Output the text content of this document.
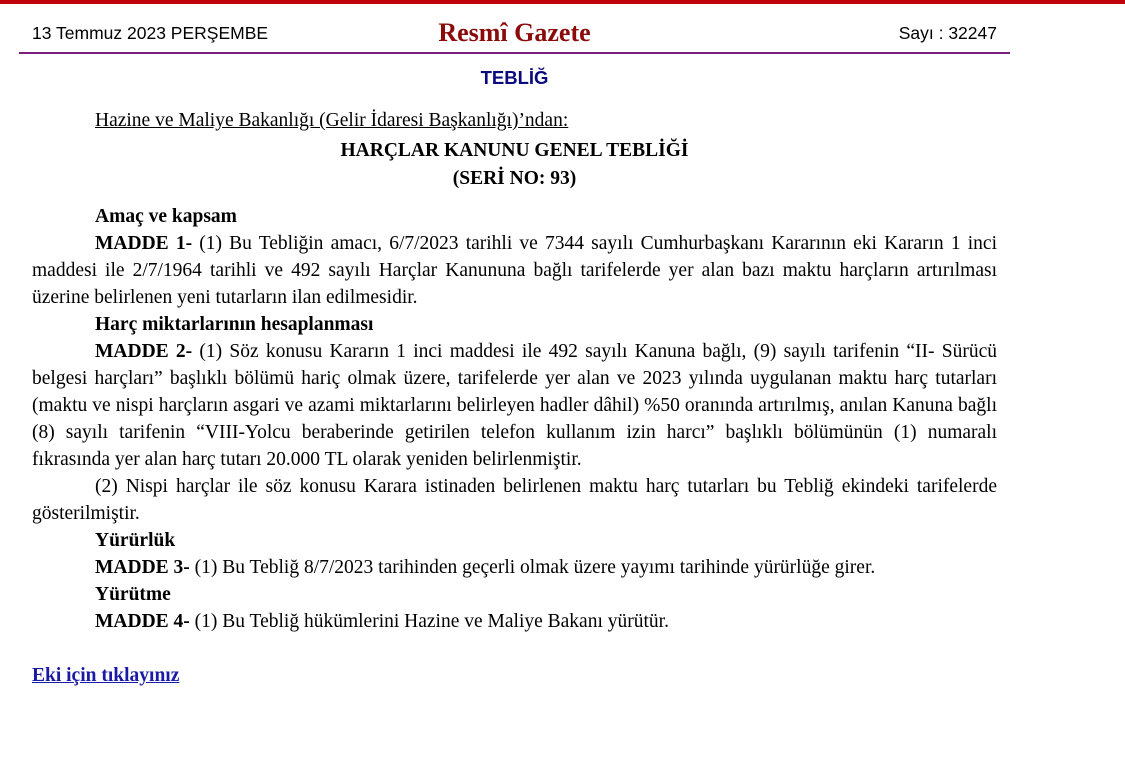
13 Temmuz 2023 PERŞEMBE	Resmî Gazete	Sayı : 32247
TEBLİĞ

Hazine ve Maliye Bakanlığı (Gelir İdaresi Başkanlığı)’ndan:

HARÇLAR KANUNU GENEL TEBLİĞİ

(SERİ NO: 93)

Amaç ve kapsam

MADDE 1- (1) Bu Tebliğin amacı, 6/7/2023 tarihli ve 7344 sayılı Cumhurbaşkanı Kararının eki Kararın 1 inci maddesi ile 2/7/1964 tarihli ve 492 sayılı Harçlar Kanununa bağlı tarifelerde yer alan bazı maktu harçların artırılması üzerine belirlenen yeni tutarların ilan edilmesidir.

Harç miktarlarının hesaplanması

MADDE 2- (1) Söz konusu Kararın 1 inci maddesi ile 492 sayılı Kanuna bağlı, (9) sayılı tarifenin “II- Sürücü belgesi harçları” başlıklı bölümü hariç olmak üzere, tarifelerde yer alan ve 2023 yılında uygulanan maktu harç tutarları (maktu ve nispi harçların asgari ve azami miktarlarını belirleyen hadler dâhil) %50 oranında artırılmış, anılan Kanuna bağlı (8) sayılı tarifenin “VIII-Yolcu beraberinde getirilen telefon kullanım izin harcı” başlıklı bölümünün (1) numaralı fıkrasında yer alan harç tutarı 20.000 TL olarak yeniden belirlenmiştir.

(2) Nispi harçlar ile söz konusu Karara istinaden belirlenen maktu harç tutarları bu Tebliğ ekindeki tarifelerde gösterilmiştir.

Yürürlük

MADDE 3- (1) Bu Tebliğ 8/7/2023 tarihinden geçerli olmak üzere yayımı tarihinde yürürlüğe girer.

Yürütme

MADDE 4- (1) Bu Tebliğ hükümlerini Hazine ve Maliye Bakanı yürütür.

Eki için tıklayınız
